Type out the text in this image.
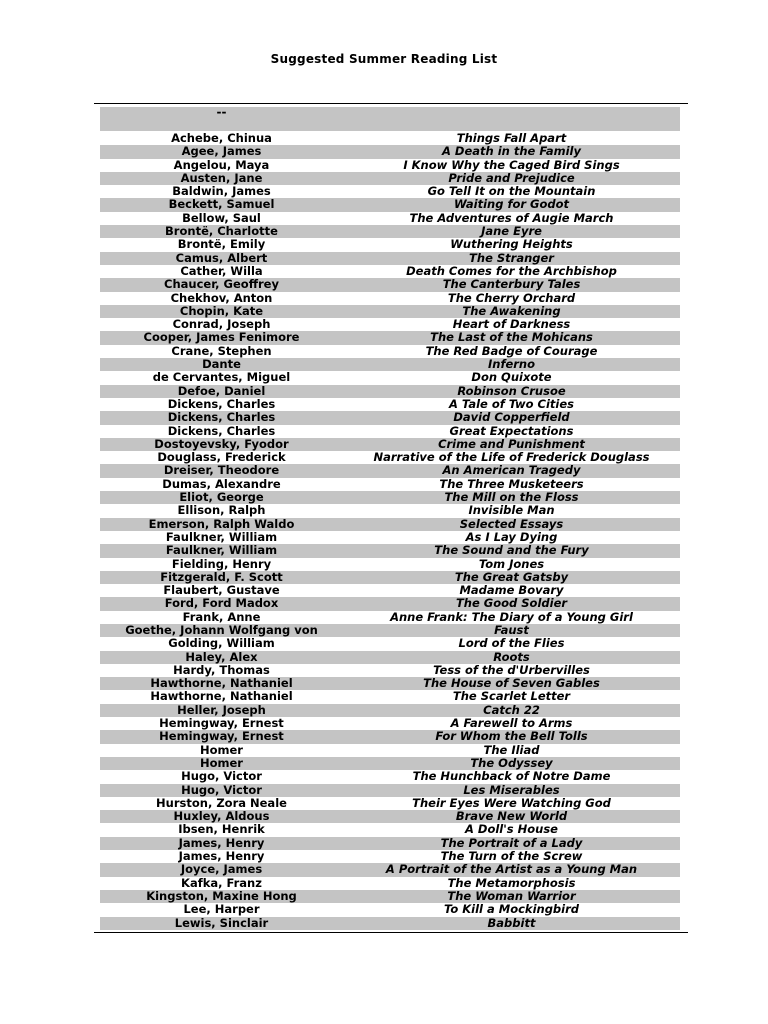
Suggested Summer Reading List
--
Achebe, Chinua	Things Fall Apart
Agee, James	A Death in the Family
Angelou, Maya	I Know Why the Caged Bird Sings
Austen, Jane	Pride and Prejudice
Baldwin, James	Go Tell It on the Mountain
Beckett, Samuel	Waiting for Godot
Bellow, Saul	The Adventures of Augie March
Brontë, Charlotte	Jane Eyre
Brontë, Emily	Wuthering Heights
Camus, Albert	The Stranger
Cather, Willa	Death Comes for the Archbishop
Chaucer, Geoffrey	The Canterbury Tales
Chekhov, Anton	The Cherry Orchard
Chopin, Kate	The Awakening
Conrad, Joseph	Heart of Darkness
Cooper, James Fenimore	The Last of the Mohicans
Crane, Stephen	The Red Badge of Courage
Dante	Inferno
de Cervantes, Miguel	Don Quixote
Defoe, Daniel	Robinson Crusoe
Dickens, Charles	A Tale of Two Cities
Dickens, Charles	David Copperfield
Dickens, Charles	Great Expectations
Dostoyevsky, Fyodor	Crime and Punishment
Douglass, Frederick	Narrative of the Life of Frederick Douglass
Dreiser, Theodore	An American Tragedy
Dumas, Alexandre	The Three Musketeers
Eliot, George	The Mill on the Floss
Ellison, Ralph	Invisible Man
Emerson, Ralph Waldo	Selected Essays
Faulkner, William	As I Lay Dying
Faulkner, William	The Sound and the Fury
Fielding, Henry	Tom Jones
Fitzgerald, F. Scott	The Great Gatsby
Flaubert, Gustave	Madame Bovary
Ford, Ford Madox	The Good Soldier
Frank, Anne	Anne Frank: The Diary of a Young Girl
Goethe, Johann Wolfgang von	Faust
Golding, William	Lord of the Flies
Haley, Alex	Roots
Hardy, Thomas	Tess of the d'Urbervilles
Hawthorne, Nathaniel	The House of Seven Gables
Hawthorne, Nathaniel	The Scarlet Letter
Heller, Joseph	Catch 22
Hemingway, Ernest	A Farewell to Arms
Hemingway, Ernest	For Whom the Bell Tolls
Homer	The Iliad
Homer	The Odyssey
Hugo, Victor	The Hunchback of Notre Dame
Hugo, Victor	Les Miserables
Hurston, Zora Neale	Their Eyes Were Watching God
Huxley, Aldous	Brave New World
Ibsen, Henrik	A Doll's House
James, Henry	The Portrait of a Lady
James, Henry	The Turn of the Screw
Joyce, James	A Portrait of the Artist as a Young Man
Kafka, Franz	The Metamorphosis
Kingston, Maxine Hong	The Woman Warrior
Lee, Harper	To Kill a Mockingbird
Lewis, Sinclair	Babbitt
